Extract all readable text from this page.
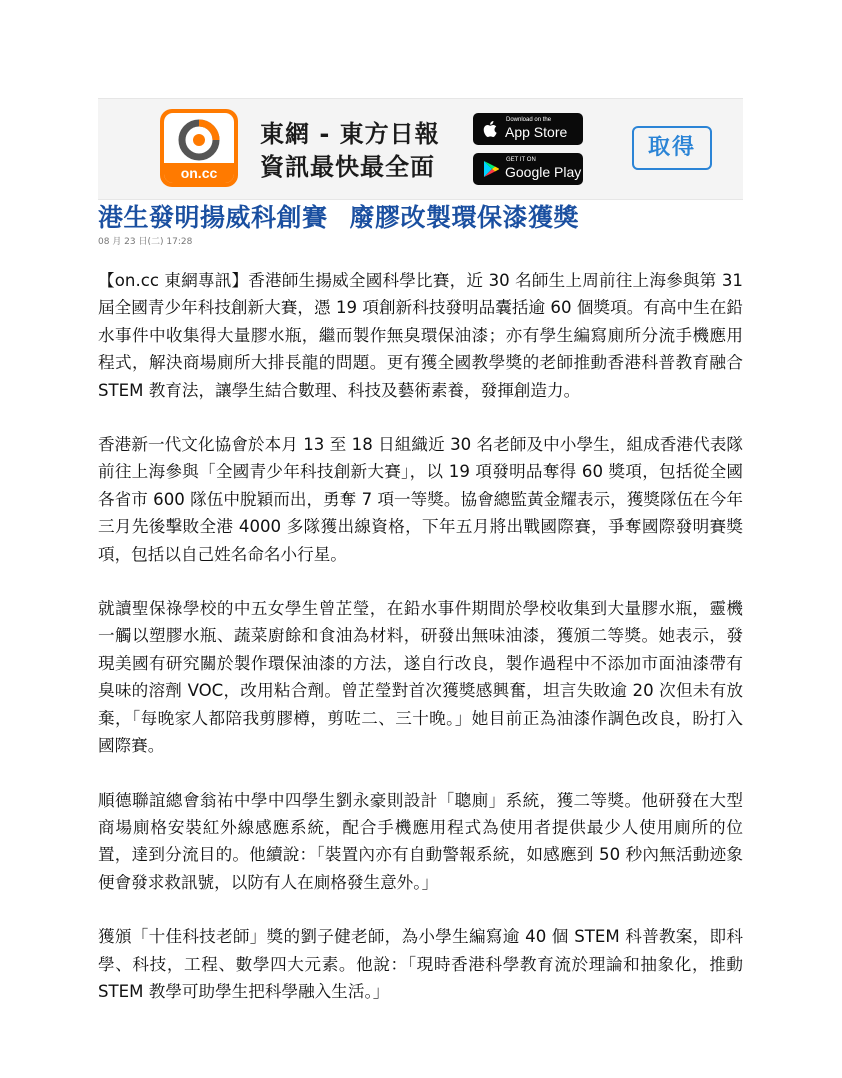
on.cc
東網 - 東方日報
資訊最快最全面
Download on the
App Store
GET IT ON
Google Play
取得
港生發明揚威科創賽 廢膠改製環保漆獲獎
08 月 23 日(二) 17:28

【on.cc 東網專訊】香港師生揚威全國科學比賽，近 30 名師生上周前往上海參與第 31 屆全國青少年科技創新大賽，憑 19 項創新科技發明品囊括逾 60 個獎項。有高中生在鉛水事件中收集得大量膠水瓶，繼而製作無臭環保油漆；亦有學生編寫廁所分流手機應用程式，解決商場廁所大排長龍的問題。更有獲全國教學獎的老師推動香港科普教育融合 STEM 教育法，讓學生結合數理、科技及藝術素養，發揮創造力。

香港新一代文化協會於本月 13 至 18 日組織近 30 名老師及中小學生，組成香港代表隊前往上海參與「全國青少年科技創新大賽」，以 19 項發明品奪得 60 獎項，包括從全國各省市 600 隊伍中脫穎而出，勇奪 7 項一等獎。協會總監黃金耀表示，獲獎隊伍在今年三月先後擊敗全港 4000 多隊獲出線資格，下年五月將出戰國際賽，爭奪國際發明賽獎項，包括以自己姓名命名小行星。

就讀聖保祿學校的中五女學生曾芷瑩，在鉛水事件期間於學校收集到大量膠水瓶，靈機一觸以塑膠水瓶、蔬菜廚餘和食油為材料，研發出無味油漆，獲頒二等獎。她表示，發現美國有研究關於製作環保油漆的方法，遂自行改良，製作過程中不添加市面油漆帶有臭味的溶劑 VOC，改用粘合劑。曾芷瑩對首次獲獎感興奮，坦言失敗逾 20 次但未有放棄，「每晚家人都陪我剪膠樽，剪咗二、三十晚。」她目前正為油漆作調色改良，盼打入國際賽。

順德聯誼總會翁祐中學中四學生劉永豪則設計「聰廁」系統，獲二等獎。他研發在大型商場廁格安裝紅外線感應系統，配合手機應用程式為使用者提供最少人使用廁所的位置，達到分流目的。他續說：「裝置內亦有自動警報系統，如感應到 50 秒內無活動迹象便會發求救訊號，以防有人在廁格發生意外。」

獲頒「十佳科技老師」獎的劉子健老師，為小學生編寫逾 40 個 STEM 科普教案，即科學、科技，工程、數學四大元素。他說：「現時香港科學教育流於理論和抽象化，推動 STEM 教學可助學生把科學融入生活。」
